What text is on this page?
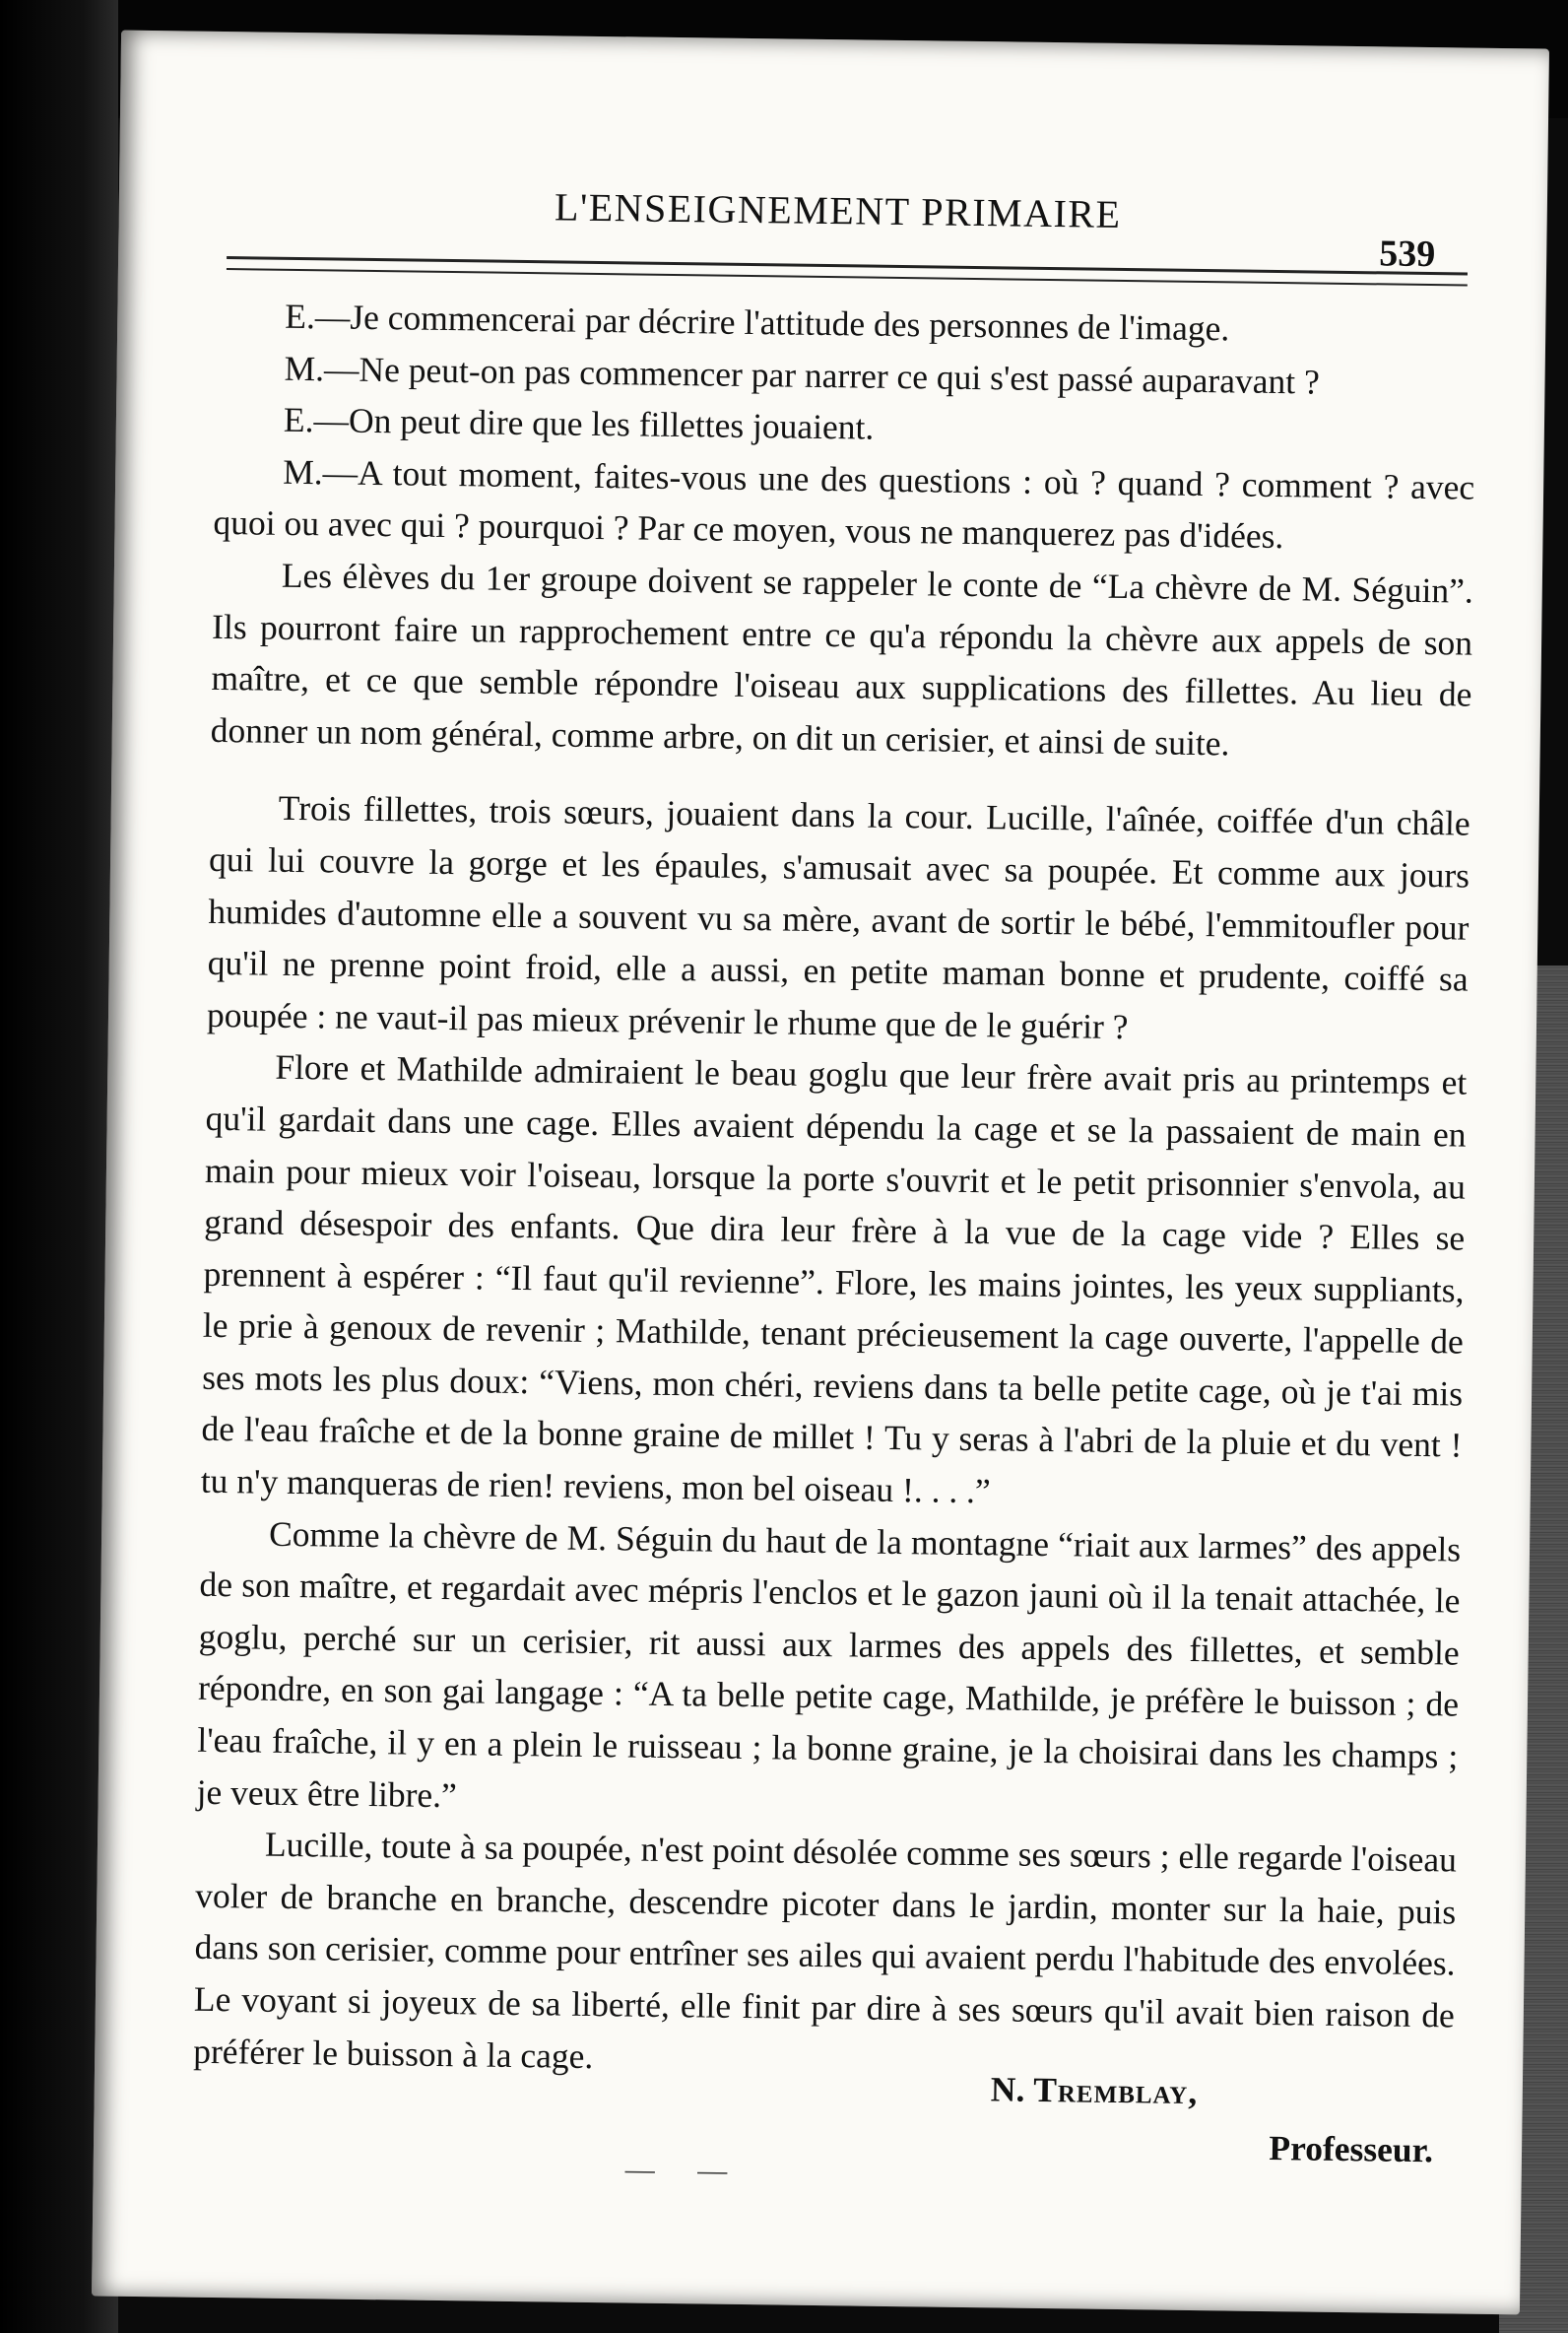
L'ENSEIGNEMENT PRIMAIRE
539

E.—Je commencerai par décrire l'attitude des personnes de l'image.

M.—Ne peut-on pas commencer par narrer ce qui s'est passé auparavant ?

E.—On peut dire que les fillettes jouaient.

M.—A tout moment, faites-vous une des questions : où ? quand ? comment ? avec quoi ou avec qui ? pourquoi ? Par ce moyen, vous ne manquerez pas d'idées.

Les élèves du 1er groupe doivent se rappeler le conte de “La chèvre de M. Séguin”. Ils pourront faire un rapprochement entre ce qu'a répondu la chèvre aux appels de son maître, et ce que semble répondre l'oiseau aux supplications des fillettes. Au lieu de donner un nom général, comme arbre, on dit un cerisier, et ainsi de suite.

Trois fillettes, trois sœurs, jouaient dans la cour. Lucille, l'aînée, coiffée d'un châle qui lui couvre la gorge et les épaules, s'amusait avec sa poupée. Et comme aux jours humides d'automne elle a souvent vu sa mère, avant de sortir le bébé, l'emmitoufler pour qu'il ne prenne point froid, elle a aussi, en petite maman bonne et prudente, coiffé sa poupée : ne vaut-il pas mieux prévenir le rhume que de le guérir ?

Flore et Mathilde admiraient le beau goglu que leur frère avait pris au printemps et qu'il gardait dans une cage. Elles avaient dépendu la cage et se la passaient de main en main pour mieux voir l'oiseau, lorsque la porte s'ouvrit et le petit prisonnier s'envola, au grand désespoir des enfants. Que dira leur frère à la vue de la cage vide ? Elles se prennent à espérer : “Il faut qu'il revienne”. Flore, les mains jointes, les yeux suppliants, le prie à genoux de revenir ; Mathilde, tenant précieusement la cage ouverte, l'appelle de ses mots les plus doux: “Viens, mon chéri, reviens dans ta belle petite cage, où je t'ai mis de l'eau fraîche et de la bonne graine de millet ! Tu y seras à l'abri de la pluie et du vent ! tu n'y manqueras de rien! reviens, mon bel oiseau !. . . .”

Comme la chèvre de M. Séguin du haut de la montagne “riait aux larmes” des appels de son maître, et regardait avec mépris l'enclos et le gazon jauni où il la tenait attachée, le goglu, perché sur un cerisier, rit aussi aux larmes des appels des fillettes, et semble répondre, en son gai langage : “A ta belle petite cage, Mathilde, je préfère le buisson ; de l'eau fraîche, il y en a plein le ruisseau ; la bonne graine, je la choisirai dans les champs ; je veux être libre.”

Lucille, toute à sa poupée, n'est point désolée comme ses sœurs ; elle regarde l'oiseau voler de branche en branche, descendre picoter dans le jardin, monter sur la haie, puis dans son cerisier, comme pour entrîner ses ailes qui avaient perdu l'habitude des envolées. Le voyant si joyeux de sa liberté, elle finit par dire à ses sœurs qu'il avait bien raison de préférer le buisson à la cage.

N. Tremblay,
Professeur.
— —
